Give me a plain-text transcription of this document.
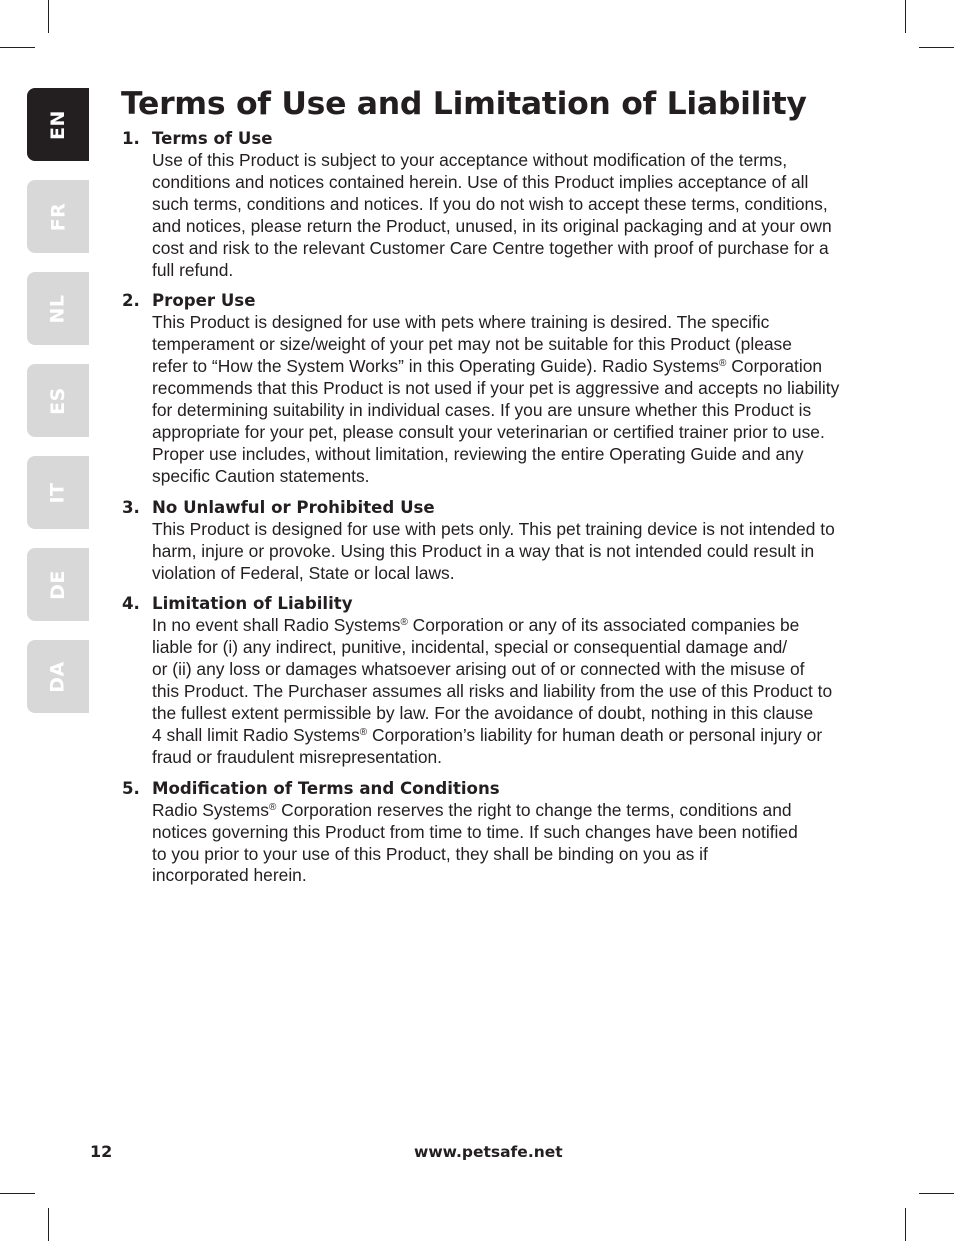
EN
FR
NL
ES
IT
DE
DA
Terms of Use and Limitation of Liability
1. Terms of Use
Use of this Product is subject to your acceptance without modification of the terms,
conditions and notices contained herein. Use of this Product implies acceptance of all
such terms, conditions and notices. If you do not wish to accept these terms, conditions,
and notices, please return the Product, unused, in its original packaging and at your own
cost and risk to the relevant Customer Care Centre together with proof of purchase for a
full refund.
2. Proper Use
This Product is designed for use with pets where training is desired. The specific
temperament or size/weight of your pet may not be suitable for this Product (please
refer to “How the System Works” in this Operating Guide). Radio Systems® Corporation
recommends that this Product is not used if your pet is aggressive and accepts no liability
for determining suitability in individual cases. If you are unsure whether this Product is
appropriate for your pet, please consult your veterinarian or certified trainer prior to use.
Proper use includes, without limitation, reviewing the entire Operating Guide and any
specific Caution statements.
3. No Unlawful or Prohibited Use
This Product is designed for use with pets only. This pet training device is not intended to
harm, injure or provoke. Using this Product in a way that is not intended could result in
violation of Federal, State or local laws.
4. Limitation of Liability
In no event shall Radio Systems® Corporation or any of its associated companies be
liable for (i) any indirect, punitive, incidental, special or consequential damage and/
or (ii) any loss or damages whatsoever arising out of or connected with the misuse of
this Product. The Purchaser assumes all risks and liability from the use of this Product to
the fullest extent permissible by law. For the avoidance of doubt, nothing in this clause
4 shall limit Radio Systems® Corporation’s liability for human death or personal injury or
fraud or fraudulent misrepresentation.
5. Modification of Terms and Conditions
Radio Systems® Corporation reserves the right to change the terms, conditions and
notices governing this Product from time to time. If such changes have been notified
to you prior to your use of this Product, they shall be binding on you as if
incorporated herein.
12	www.petsafe.net
